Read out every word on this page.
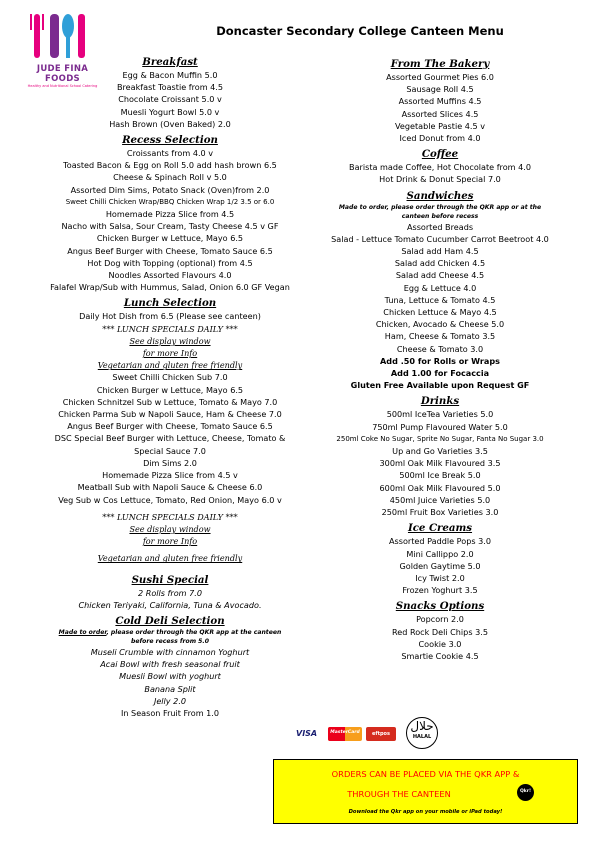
JUDE FINA FOODS
Healthy and Nutritional School Catering
Doncaster Secondary College Canteen Menu
Breakfast
Egg & Bacon Muffin 5.0
Breakfast Toastie from 4.5
Chocolate Croissant 5.0 v
Muesli Yogurt Bowl 5.0 v
Hash Brown (Oven Baked) 2.0
Recess Selection
Croissants from 4.0 v
Toasted Bacon & Egg on Roll 5.0 add hash brown 6.5
Cheese & Spinach Roll v 5.0
Assorted Dim Sims, Potato Snack (Oven)from 2.0
Sweet Chilli Chicken Wrap/BBQ Chicken Wrap 1/2 3.5 or 6.0
Homemade Pizza Slice from 4.5
Nacho with Salsa, Sour Cream, Tasty Cheese 4.5 v GF
Chicken Burger w Lettuce, Mayo 6.5
Angus Beef Burger with Cheese, Tomato Sauce 6.5
Hot Dog with Topping (optional) from 4.5
Noodles Assorted Flavours 4.0
Falafel Wrap/Sub with Hummus, Salad, Onion 6.0 GF Vegan
Lunch Selection
Daily Hot Dish from 6.5 (Please see canteen)
*** LUNCH SPECIALS DAILY ***
See display window
for more Info
Vegetarian and gluten free friendly
Sweet Chilli Chicken Sub 7.0
Chicken Burger w Lettuce, Mayo 6.5
Chicken Schnitzel Sub w Lettuce, Tomato & Mayo 7.0
Chicken Parma Sub w Napoli Sauce, Ham & Cheese 7.0
Angus Beef Burger with Cheese, Tomato Sauce 6.5
DSC Special Beef Burger with Lettuce, Cheese, Tomato &
Special Sauce 7.0
Dim Sims 2.0
Homemade Pizza Slice from 4.5 v
Meatball Sub with Napoli Sauce & Cheese 6.0
Veg Sub w Cos Lettuce, Tomato, Red Onion, Mayo 6.0 v
*** LUNCH SPECIALS DAILY ***
See display window
for more Info
Vegetarian and gluten free friendly
Sushi Special
2 Rolls from 7.0
Chicken Teriyaki, California, Tuna & Avocado.
Cold Deli Selection
Made to order, please order through the QKR app at the canteen
before recess from 5.0
Museli Crumble with cinnamon Yoghurt
Acai Bowl with fresh seasonal fruit
Muesli Bowl with yoghurt
Banana Split
Jelly 2.0
In Season Fruit From 1.0
From The Bakery
Assorted Gourmet Pies 6.0
Sausage Roll 4.5
Assorted Muffins 4.5
Assorted Slices 4.5
Vegetable Pastie 4.5 v
Iced Donut from 4.0
Coffee
Barista made Coffee, Hot Chocolate from 4.0
Hot Drink & Donut Special 7.0
Sandwiches
Made to order, please order through the QKR app or at the
canteen before recess
Assorted Breads
Salad - Lettuce Tomato Cucumber Carrot Beetroot 4.0
Salad add Ham 4.5
Salad add Chicken 4.5
Salad add Cheese 4.5
Egg & Lettuce 4.0
Tuna, Lettuce & Tomato 4.5
Chicken Lettuce & Mayo 4.5
Chicken, Avocado & Cheese 5.0
Ham, Cheese & Tomato 3.5
Cheese & Tomato 3.0
Add .50 for Rolls or Wraps
Add 1.00 for Focaccia
Gluten Free Available upon Request GF
Drinks
500ml IceTea Varieties 5.0
750ml Pump Flavoured Water 5.0
250ml Coke No Sugar, Sprite No Sugar, Fanta No Sugar 3.0
Up and Go Varieties 3.5
300ml Oak Milk Flavoured 3.5
500ml Ice Break 5.0
600ml Oak Milk Flavoured 5.0
450ml Juice Varieties 5.0
250ml Fruit Box Varieties 3.0
Ice Creams
Assorted Paddle Pops 3.0
Mini Callippo 2.0
Golden Gaytime 5.0
Icy Twist 2.0
Frozen Yoghurt 3.5
Snacks Options
Popcorn 2.0
Red Rock Deli Chips 3.5
Cookie 3.0
Smartie Cookie 4.5
VISA	MasterCard	eftpos
ﺣﻼﻝ
HALAL
ORDERS CAN BE PLACED VIA THE QKR APP &
THROUGH THE CANTEEN	Qkr!
Download the Qkr app on your mobile or iPad today!
